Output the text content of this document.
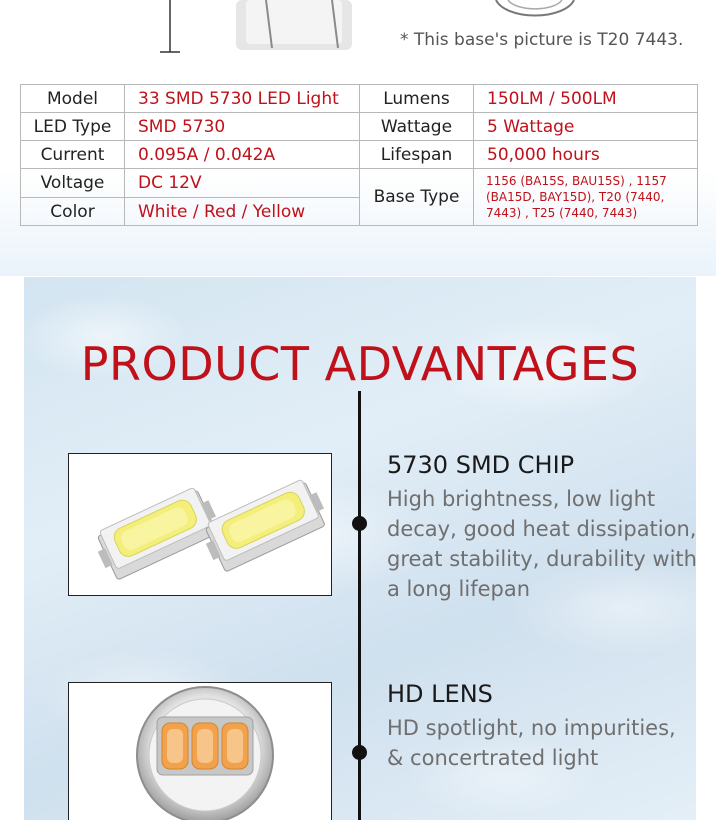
* This base's picture is T20 7443.
Model	33 SMD 5730 LED Light	Lumens	150LM / 500LM
LED Type	SMD 5730	Wattage	5 Wattage
Current	0.095A / 0.042A	Lifespan	50,000 hours
Voltage	DC 12V	Base Type	1156 (BA15S, BAU15S) , 1157 (BA15D, BAY15D), T20 (7440, 7443) , T25 (7440, 7443)
Color	White / Red / Yellow		
PRODUCT ADVANTAGES
5730 SMD CHIP
High brightness, low light decay, good heat dissipation, great stability, durability with a long lifepan
HD LENS
HD spotlight, no impurities, & concertrated light
